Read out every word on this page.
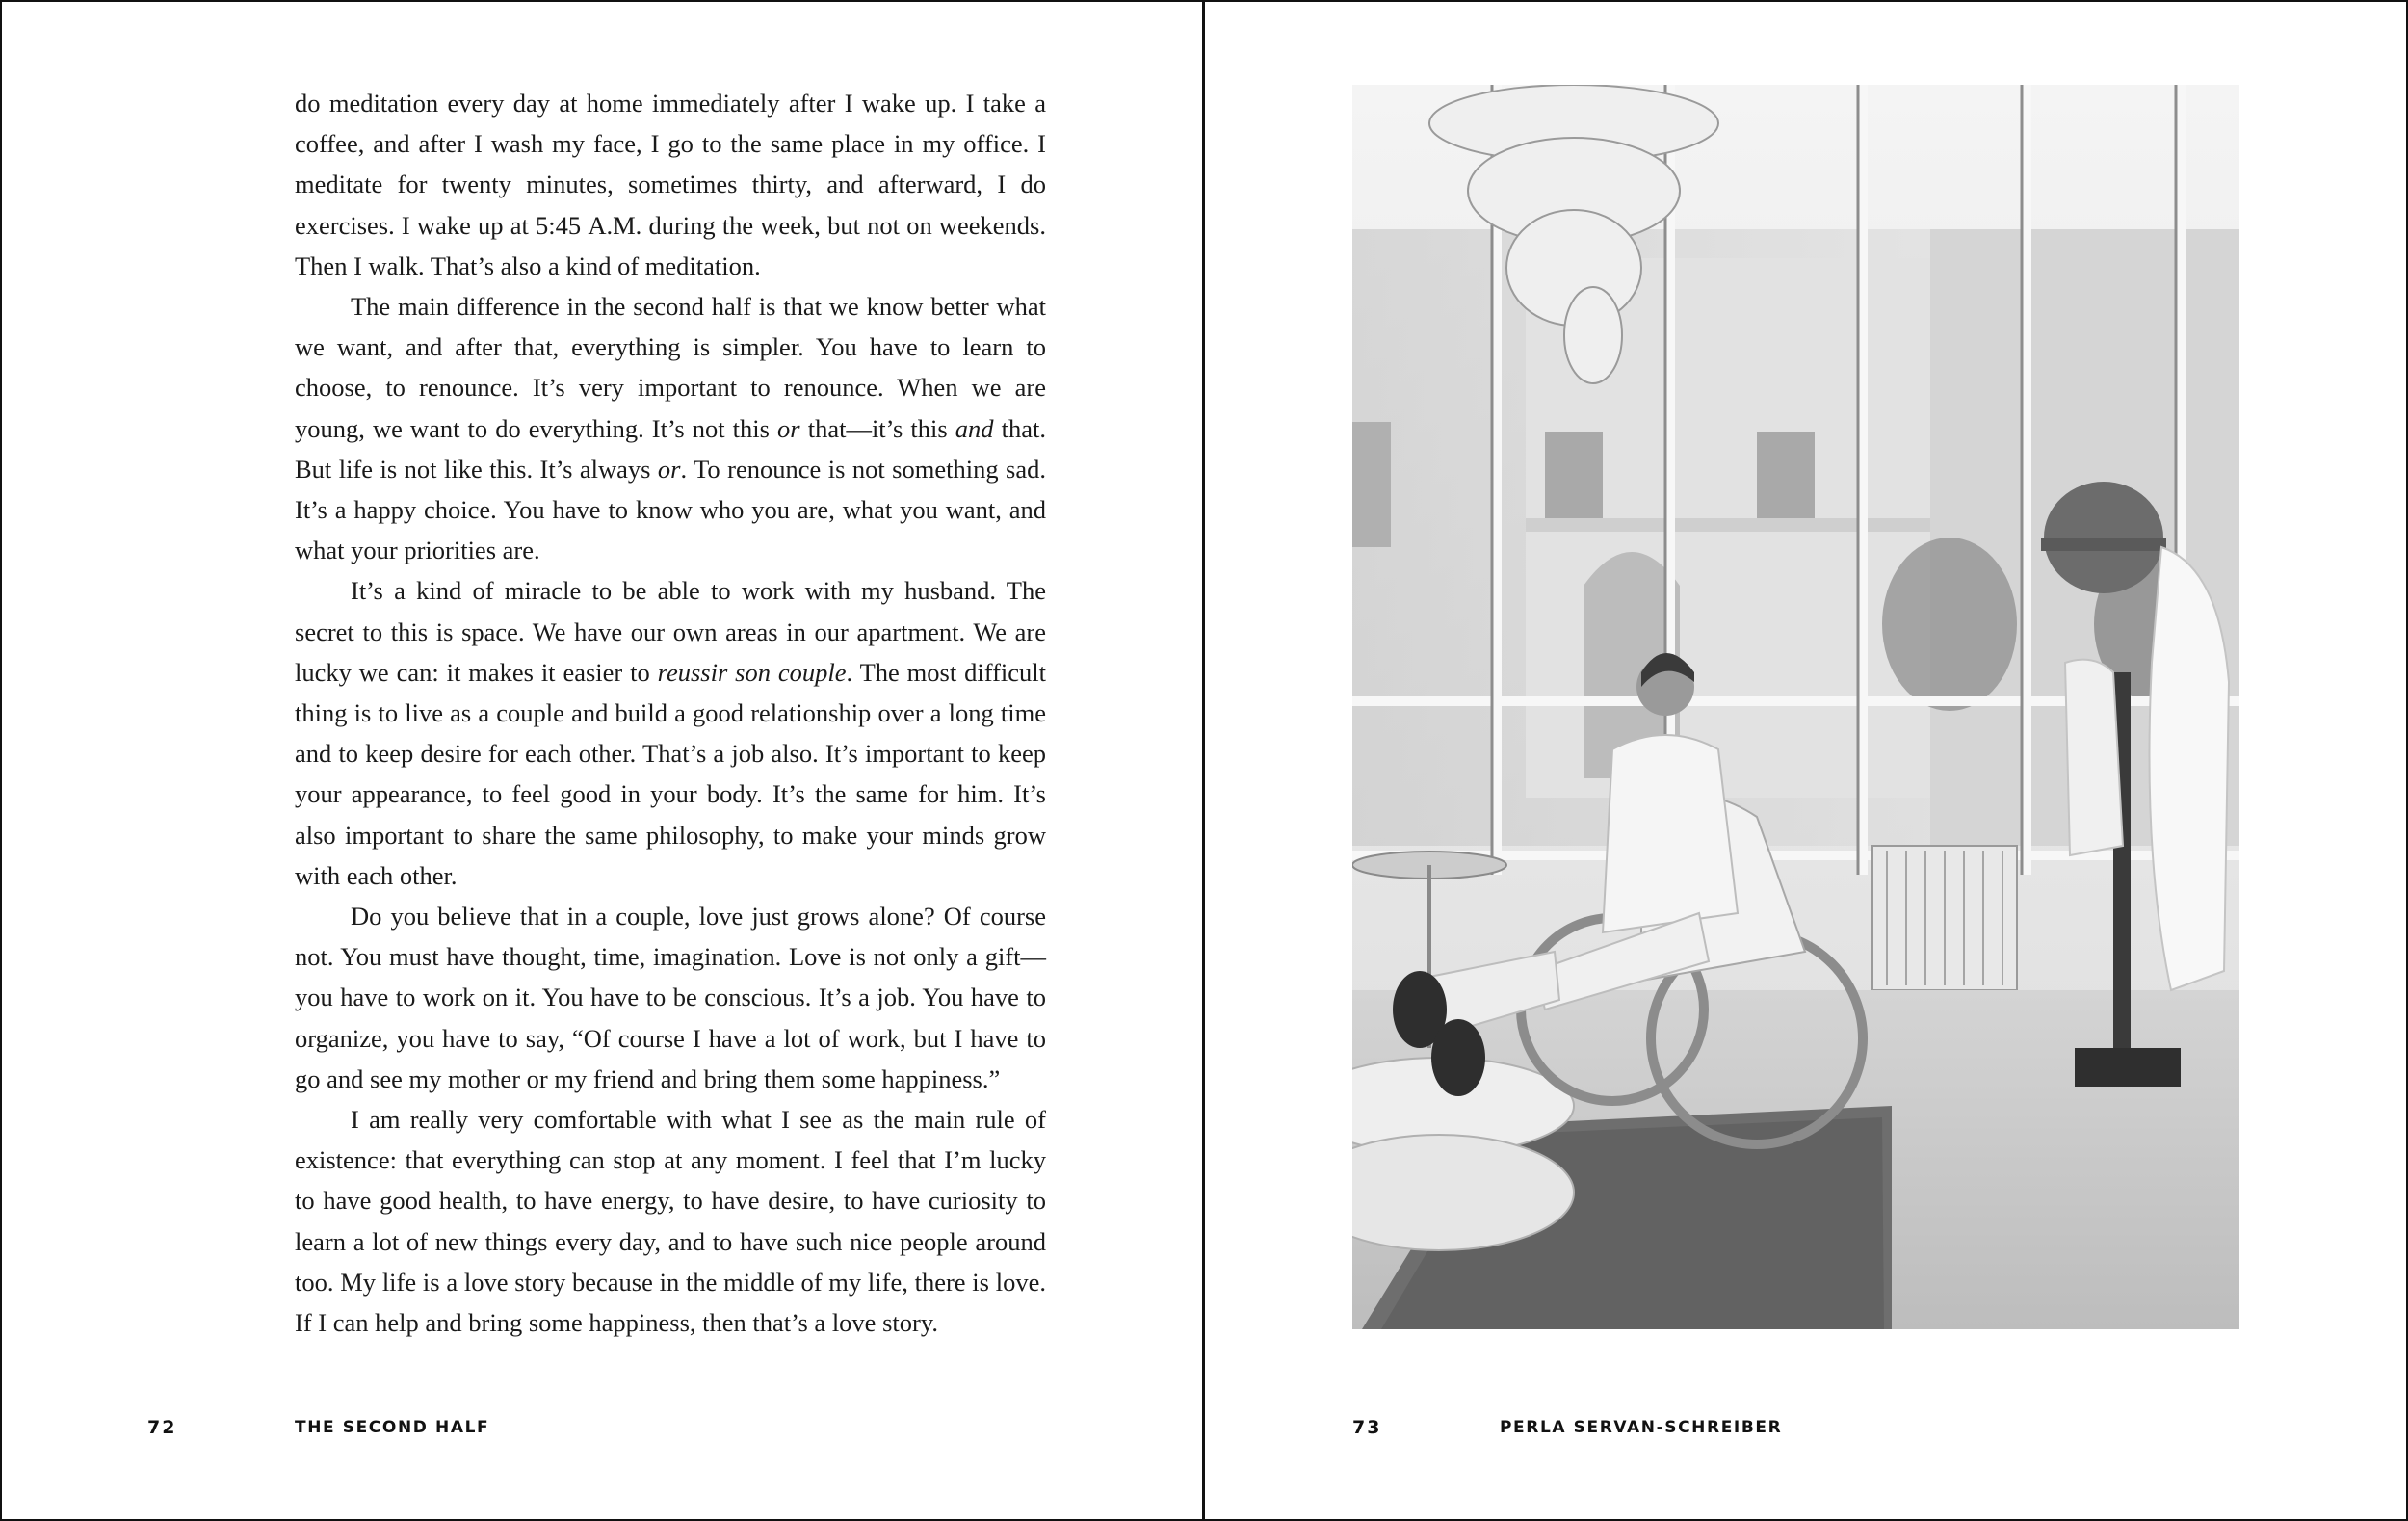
do meditation every day at home immediately after I wake up. I take a coffee, and after I wash my face, I go to the same place in my office. I meditate for twenty minutes, sometimes thirty, and afterward, I do exercises. I wake up at 5:45 A.M. during the week, but not on weekends. Then I walk. That’s also a kind of meditation.

The main difference in the second half is that we know better what we want, and after that, everything is simpler. You have to learn to choose, to renounce. It’s very important to renounce. When we are young, we want to do everything. It’s not this or that—it’s this and that. But life is not like this. It’s always or. To renounce is not something sad. It’s a happy choice. You have to know who you are, what you want, and what your priorities are.

It’s a kind of miracle to be able to work with my husband. The secret to this is space. We have our own areas in our apartment. We are lucky we can: it makes it easier to reussir son couple. The most difficult thing is to live as a couple and build a good relationship over a long time and to keep desire for each other. That’s a job also. It’s important to keep your appearance, to feel good in your body. It’s the same for him. It’s also important to share the same philosophy, to make your minds grow with each other.

Do you believe that in a couple, love just grows alone? Of course not. You must have thought, time, imagination. Love is not only a gift—you have to work on it. You have to be conscious. It’s a job. You have to organize, you have to say, “Of course I have a lot of work, but I have to go and see my mother or my friend and bring them some happiness.”

I am really very comfortable with what I see as the main rule of existence: that everything can stop at any moment. I feel that I’m lucky to have good health, to have energy, to have desire, to have curiosity to learn a lot of new things every day, and to have such nice people around too. My life is a love story because in the middle of my life, there is love. If I can help and bring some happiness, then that’s a love story.

72	THE SECOND HALF	73	PERLA SERVAN-SCHREIBER
